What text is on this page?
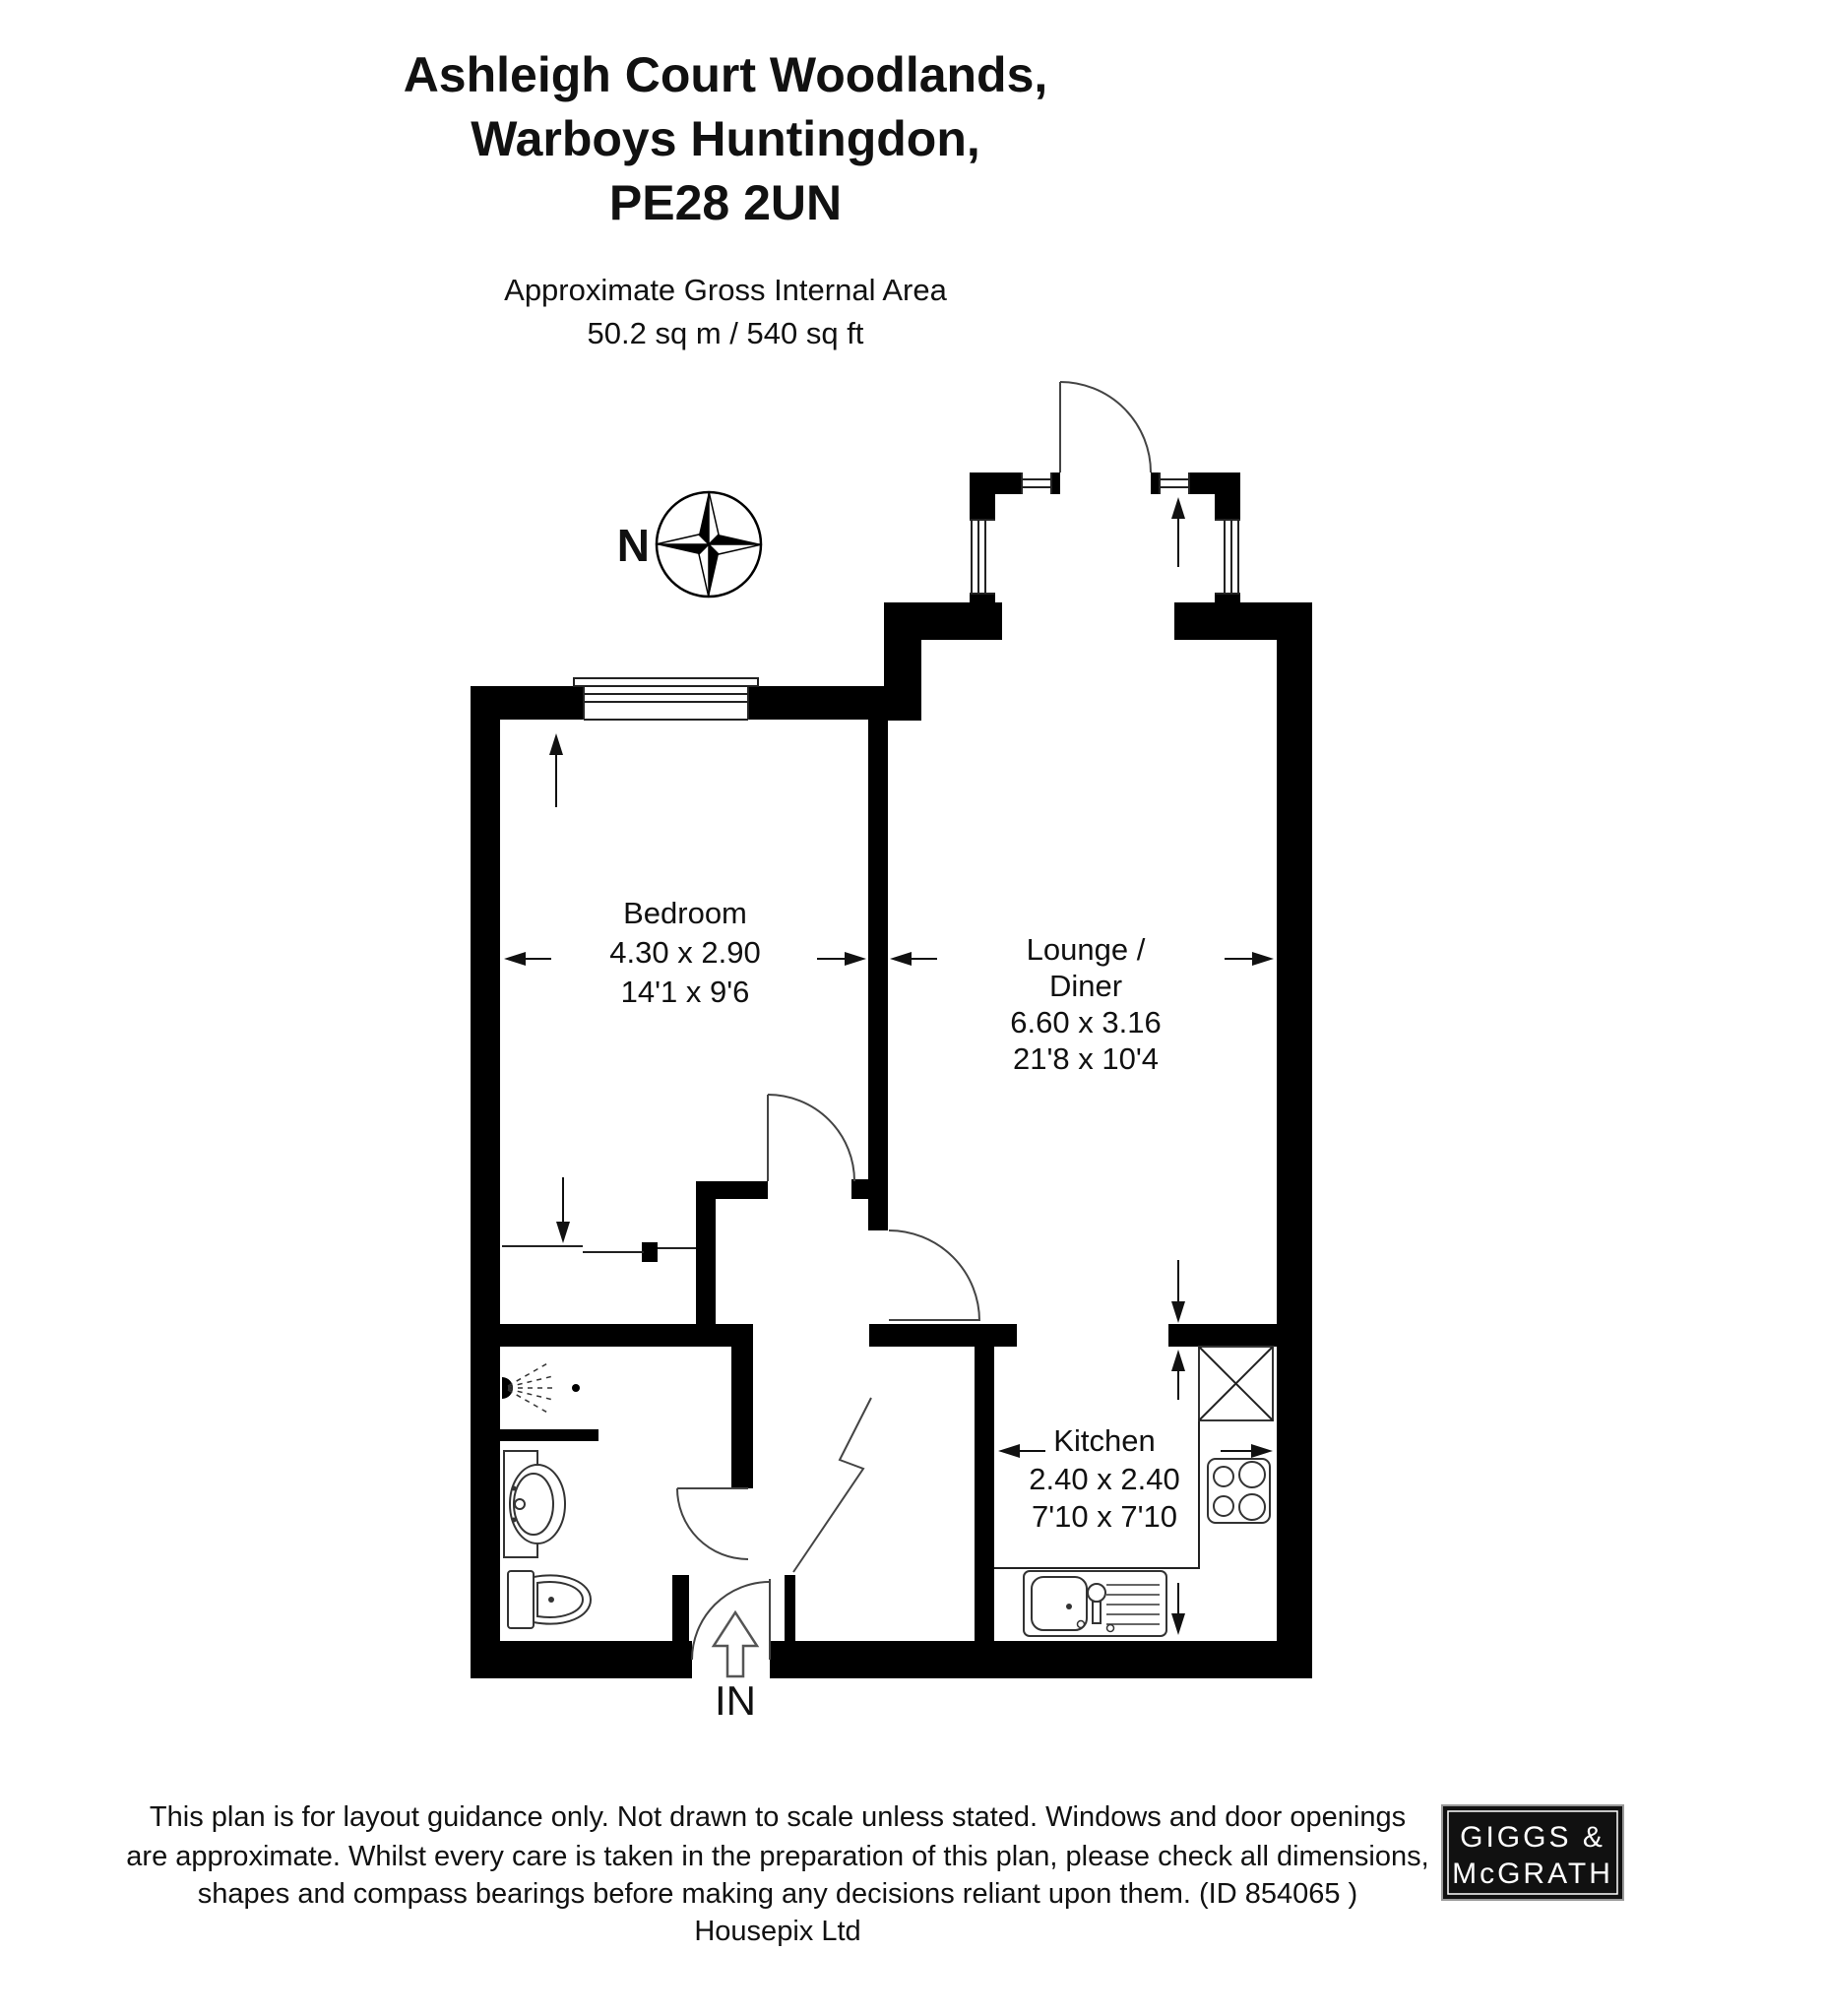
Ashleigh Court Woodlands,
Warboys Huntingdon,
PE28 2UN
Approximate Gross Internal Area
50.2 sq m / 540 sq ft
N
IN
Bedroom
4.30 x 2.90
14'1 x 9'6
Lounge /
Diner
6.60 x 3.16
21'8 x 10'4
Kitchen
2.40 x 2.40
7'10 x 7'10
This plan is for layout guidance only. Not drawn to scale unless stated. Windows and door openings
are approximate. Whilst every care is taken in the preparation of this plan, please check all dimensions,
shapes and compass bearings before making any decisions reliant upon them. (ID 854065 )
Housepix Ltd
GIGGS &
McGRATH
